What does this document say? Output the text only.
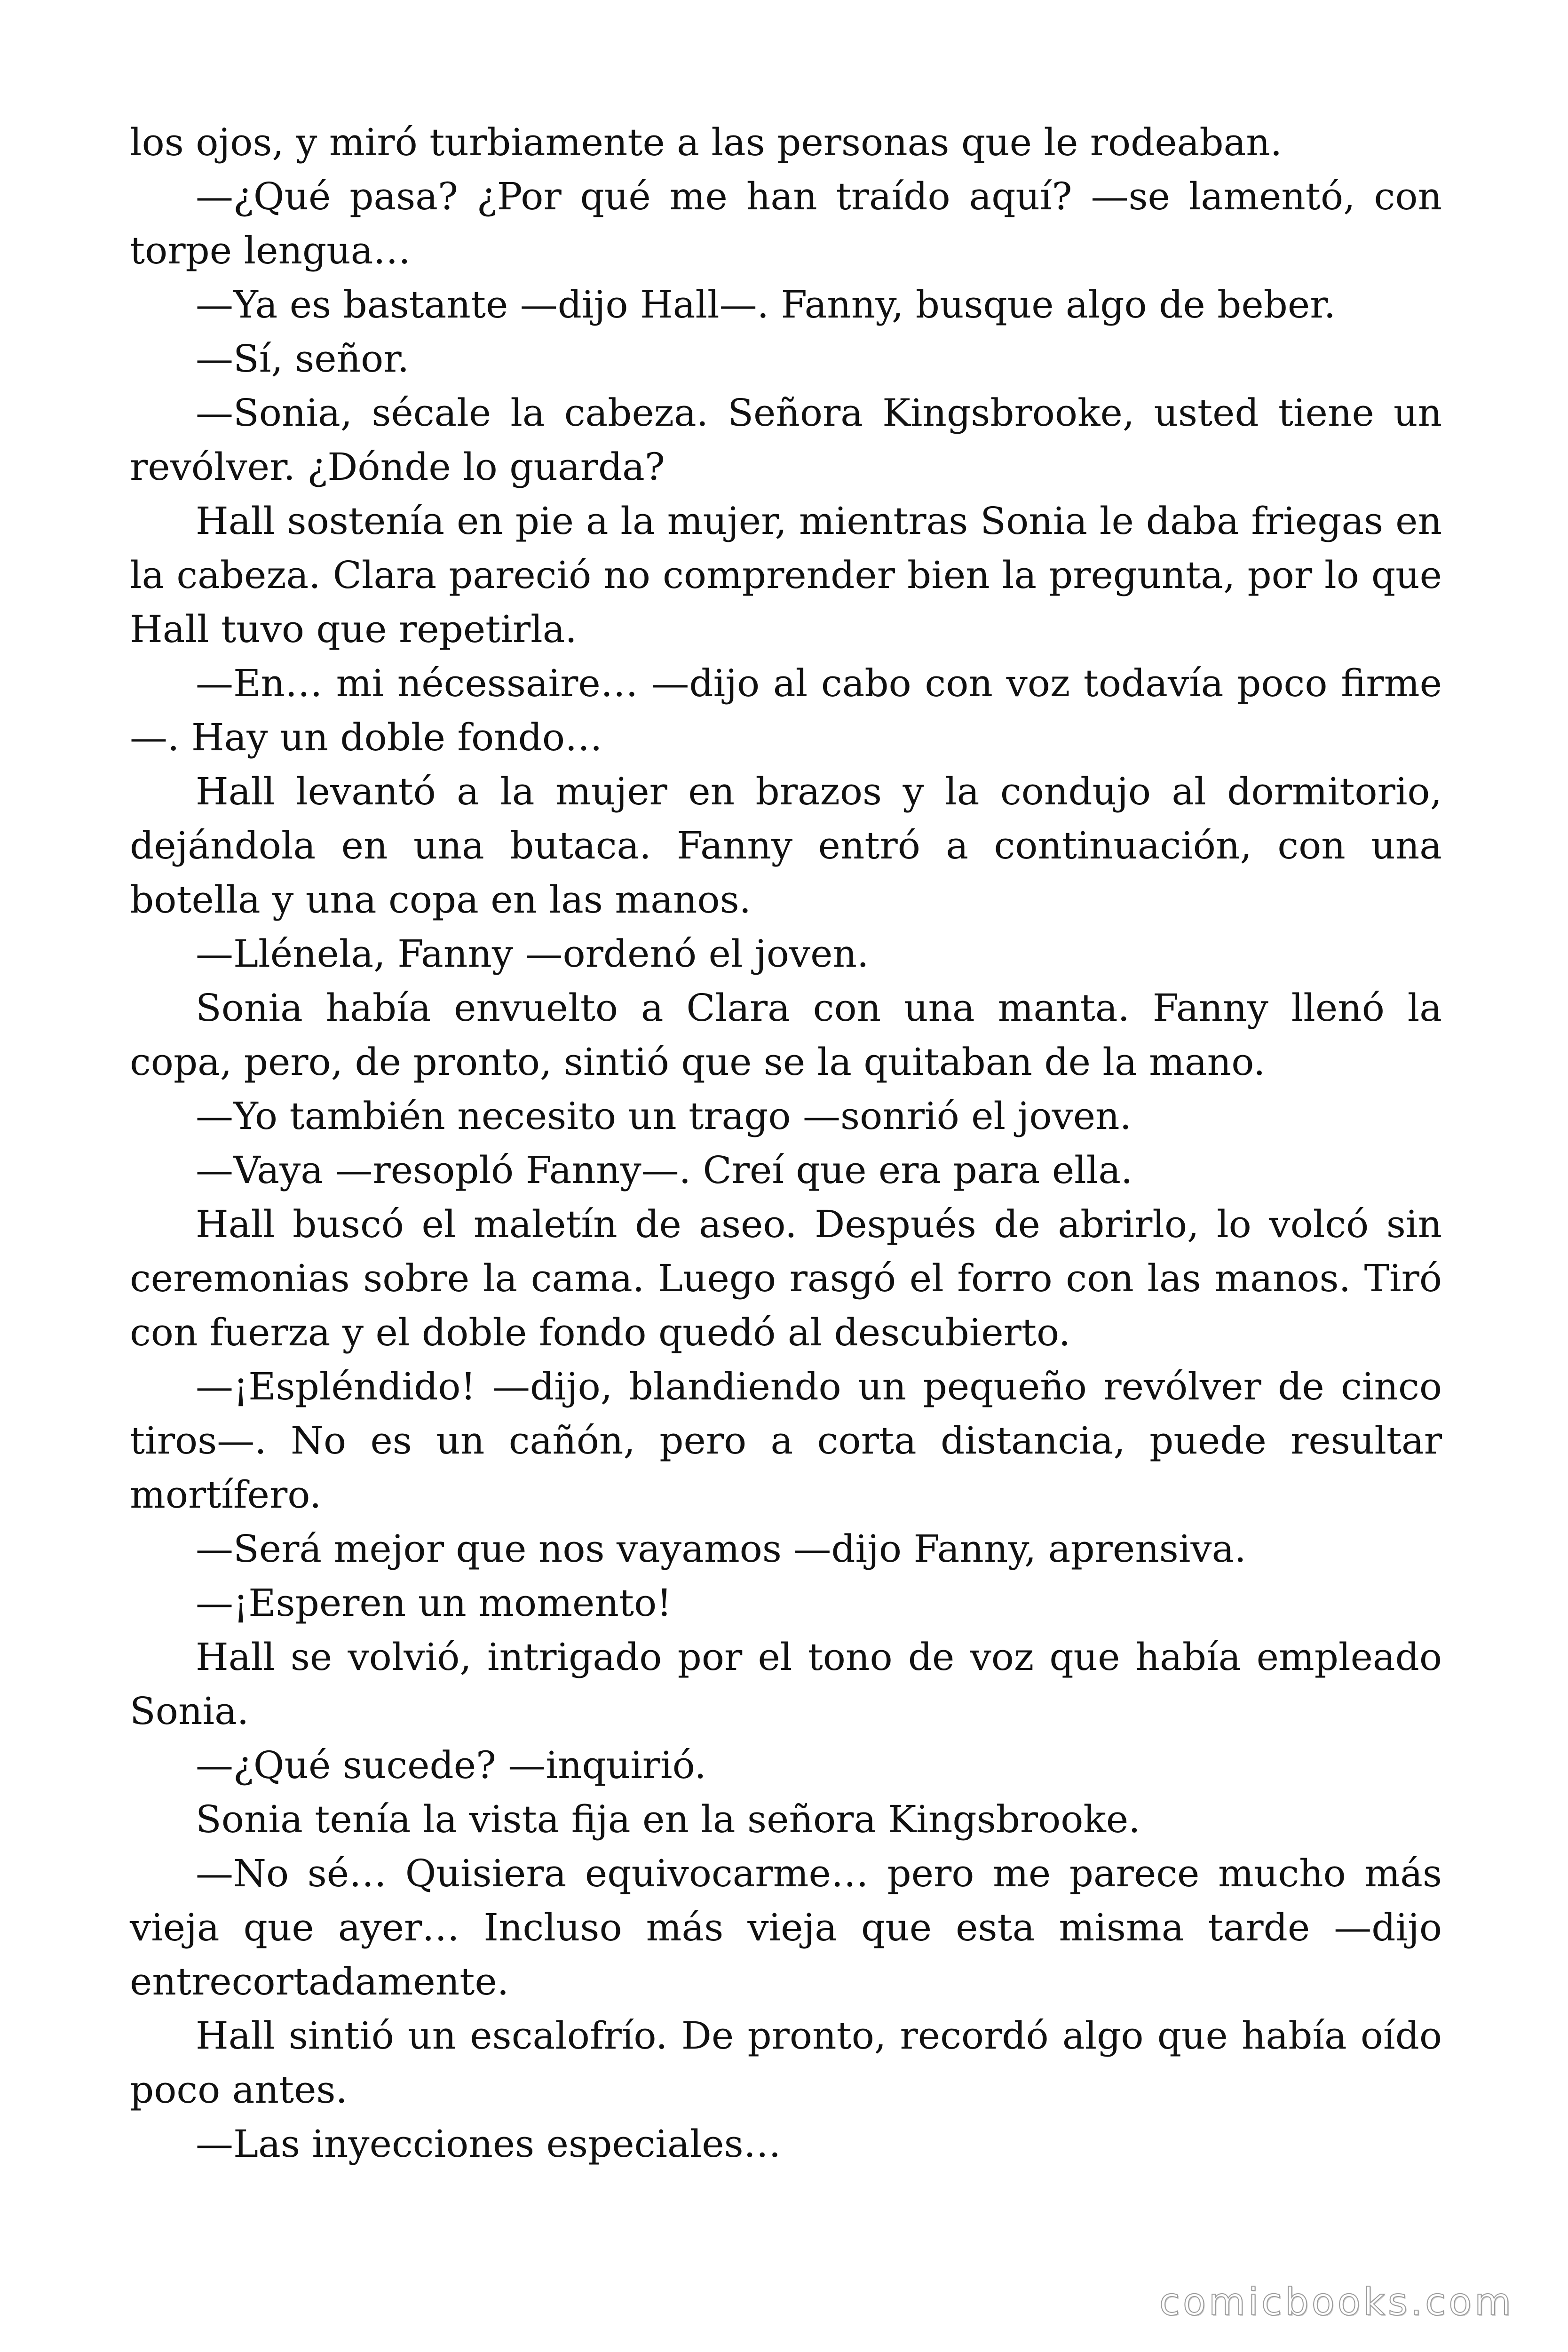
los ojos, y miró turbiamente a las personas que le rodeaban.

—¿Qué pasa? ¿Por qué me han traído aquí? —se lamentó, con torpe lengua…

—Ya es bastante —dijo Hall—. Fanny, busque algo de beber.

—Sí, señor.

—Sonia, sécale la cabeza. Señora Kingsbrooke, usted tiene un revólver. ¿Dónde lo guarda?

Hall sostenía en pie a la mujer, mientras Sonia le daba friegas en la cabeza. Clara pareció no comprender bien la pregunta, por lo que Hall tuvo que repetirla.

—En… mi nécessaire… —dijo al cabo con voz todavía poco firme—. Hay un doble fondo…

Hall levantó a la mujer en brazos y la condujo al dormitorio, dejándola en una butaca. Fanny entró a continuación, con una botella y una copa en las manos.

—Llénela, Fanny —ordenó el joven.

Sonia había envuelto a Clara con una manta. Fanny llenó la copa, pero, de pronto, sintió que se la quitaban de la mano.

—Yo también necesito un trago —sonrió el joven.

—Vaya —resopló Fanny—. Creí que era para ella.

Hall buscó el maletín de aseo. Después de abrirlo, lo volcó sin ceremonias sobre la cama. Luego rasgó el forro con las manos. Tiró con fuerza y el doble fondo quedó al descubierto.

—¡Espléndido! —dijo, blandiendo un pequeño revólver de cinco tiros—. No es un cañón, pero a corta distancia, puede resultar mortífero.

—Será mejor que nos vayamos —dijo Fanny, aprensiva.

—¡Esperen un momento!

Hall se volvió, intrigado por el tono de voz que había empleado Sonia.

—¿Qué sucede? —inquirió.

Sonia tenía la vista fija en la señora Kingsbrooke.

—No sé… Quisiera equivocarme… pero me parece mucho más vieja que ayer… Incluso más vieja que esta misma tarde —dijo entrecortadamente.

Hall sintió un escalofrío. De pronto, recordó algo que había oído poco antes.

—Las inyecciones especiales…

comicbooks.com
